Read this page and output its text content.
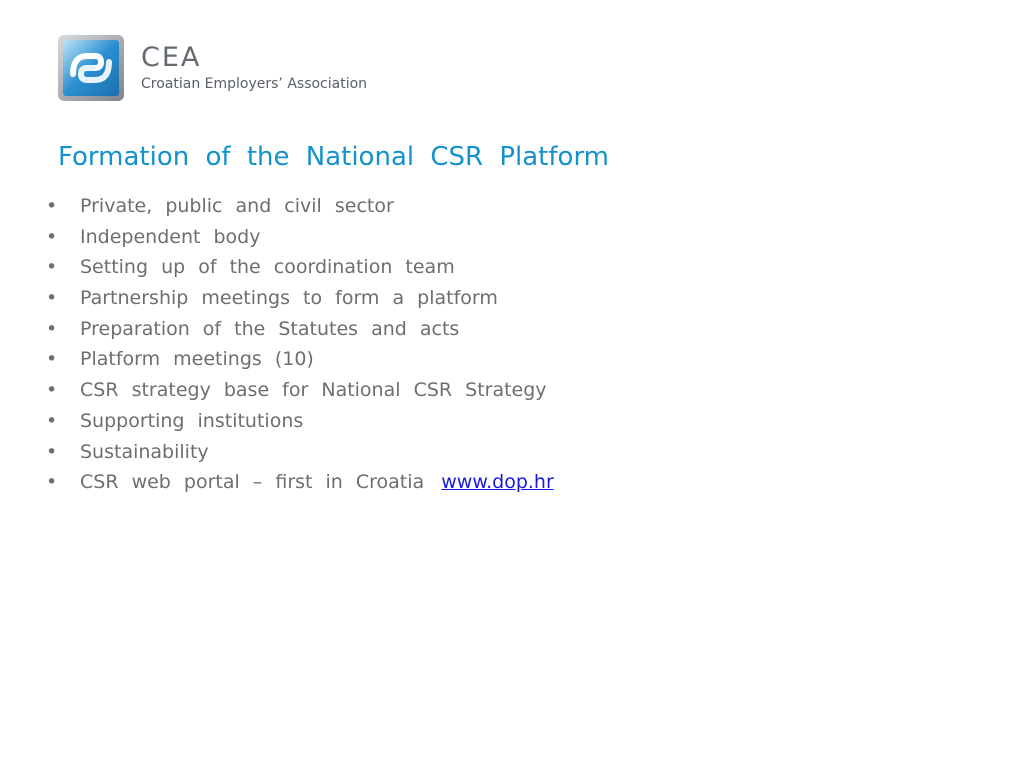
CEA
Croatian Employers’ Association
Formation of the National CSR Platform
• Private, public and civil sector
• Independent body
• Setting up of the coordination team
• Partnership meetings to form a platform
• Preparation of the Statutes and acts
• Platform meetings (10)
• CSR strategy base for National CSR Strategy
• Supporting institutions
• Sustainability
• CSR web portal – first in Croatia www.dop.hr
